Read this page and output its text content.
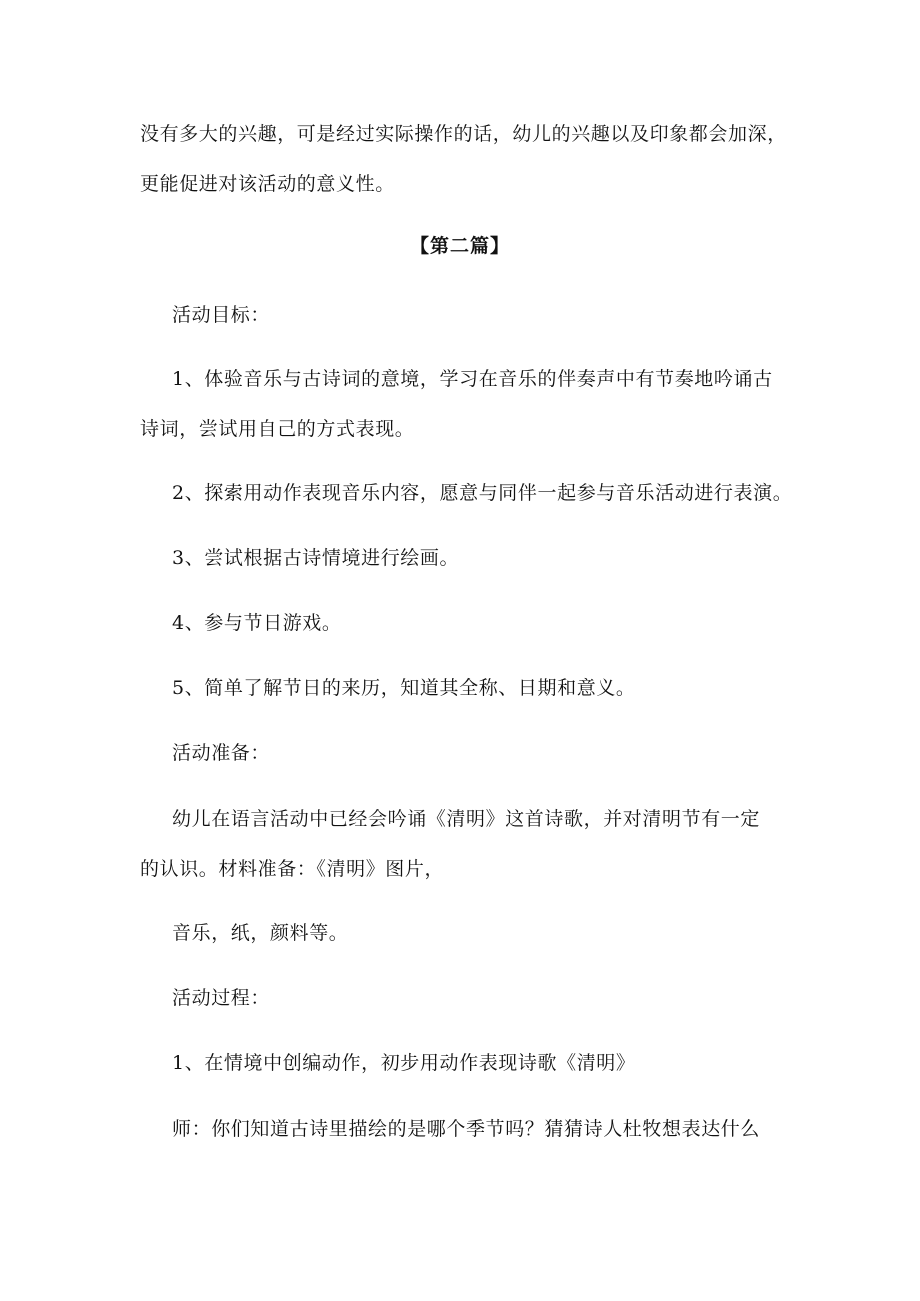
没有多大的兴趣，可是经过实际操作的话，幼儿的兴趣以及印象都会加深，

更能促进对该活动的意义性。

【第二篇】

活动目标：

1、体验音乐与古诗词的意境，学习在音乐的伴奏声中有节奏地吟诵古

诗词，尝试用自己的方式表现。

2、探索用动作表现音乐内容，愿意与同伴一起参与音乐活动进行表演。

3、尝试根据古诗情境进行绘画。

4、参与节日游戏。

5、简单了解节日的来历，知道其全称、日期和意义。

活动准备：

幼儿在语言活动中已经会吟诵《清明》这首诗歌，并对清明节有一定

的认识。材料准备：《清明》图片，

音乐，纸，颜料等。

活动过程：

1、在情境中创编动作，初步用动作表现诗歌《清明》

师：你们知道古诗里描绘的是哪个季节吗？猜猜诗人杜牧想表达什么
